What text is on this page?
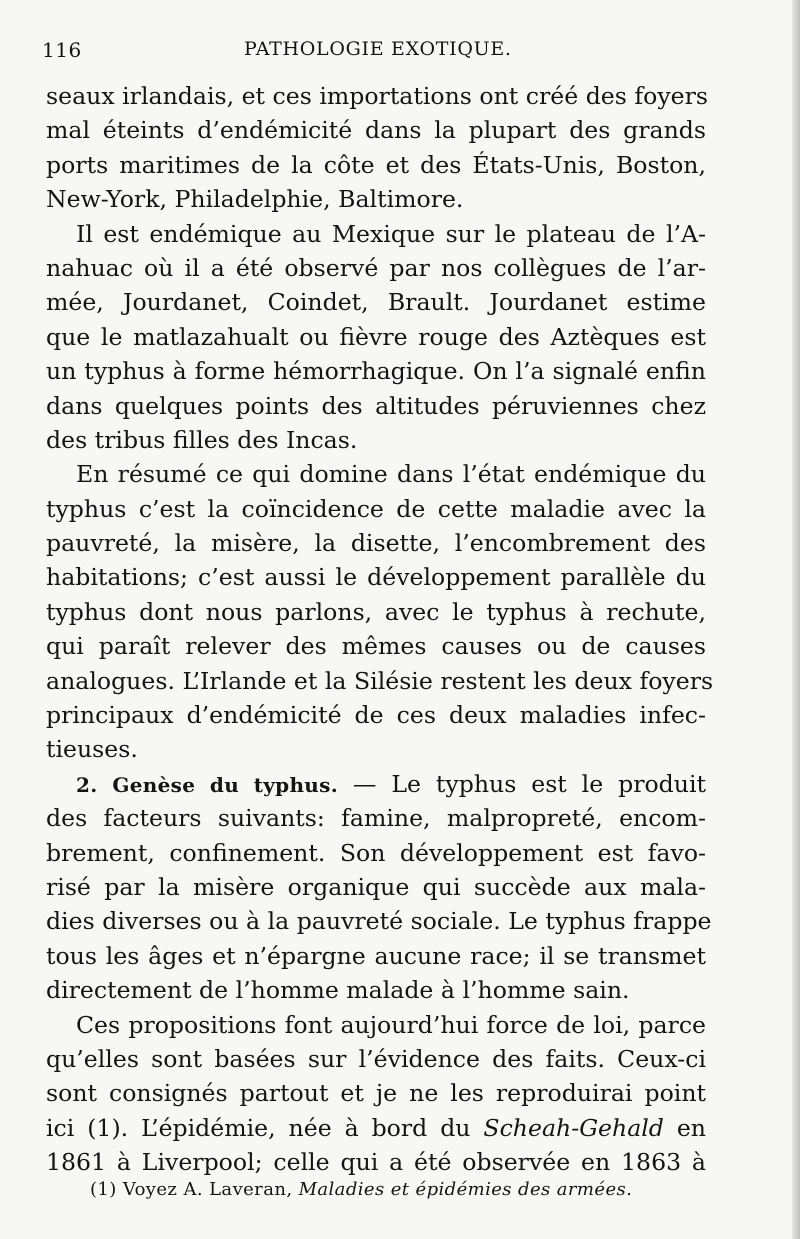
116	PATHOLOGIE EXOTIQUE.
seaux irlandais, et ces importations ont créé des foyers
mal éteints d’endémicité dans la plupart des grands
ports maritimes de la côte et des États-Unis, Boston,
New-York, Philadelphie, Baltimore.
Il est endémique au Mexique sur le plateau de l’A-
nahuac où il a été observé par nos collègues de l’ar-
mée, Jourdanet, Coindet, Brault. Jourdanet estime
que le matlazahualt ou fièvre rouge des Aztèques est
un typhus à forme hémorrhagique. On l’a signalé enfin
dans quelques points des altitudes péruviennes chez
des tribus filles des Incas.
En résumé ce qui domine dans l’état endémique du
typhus c’est la coïncidence de cette maladie avec la
pauvreté, la misère, la disette, l’encombrement des
habitations; c’est aussi le développement parallèle du
typhus dont nous parlons, avec le typhus à rechute,
qui paraît relever des mêmes causes ou de causes
analogues. L’Irlande et la Silésie restent les deux foyers
principaux d’endémicité de ces deux maladies infec-
tieuses.
2. Genèse du typhus. — Le typhus est le produit
des facteurs suivants: famine, malpropreté, encom-
brement, confinement. Son développement est favo-
risé par la misère organique qui succède aux mala-
dies diverses ou à la pauvreté sociale. Le typhus frappe
tous les âges et n’épargne aucune race; il se transmet
directement de l’homme malade à l’homme sain.
Ces propositions font aujourd’hui force de loi, parce
qu’elles sont basées sur l’évidence des faits. Ceux-ci
sont consignés partout et je ne les reproduirai point
ici (1). L’épidémie, née à bord du Scheah-Gehald en
1861 à Liverpool; celle qui a été observée en 1863 à
(1) Voyez A. Laveran, Maladies et épidémies des armées.
